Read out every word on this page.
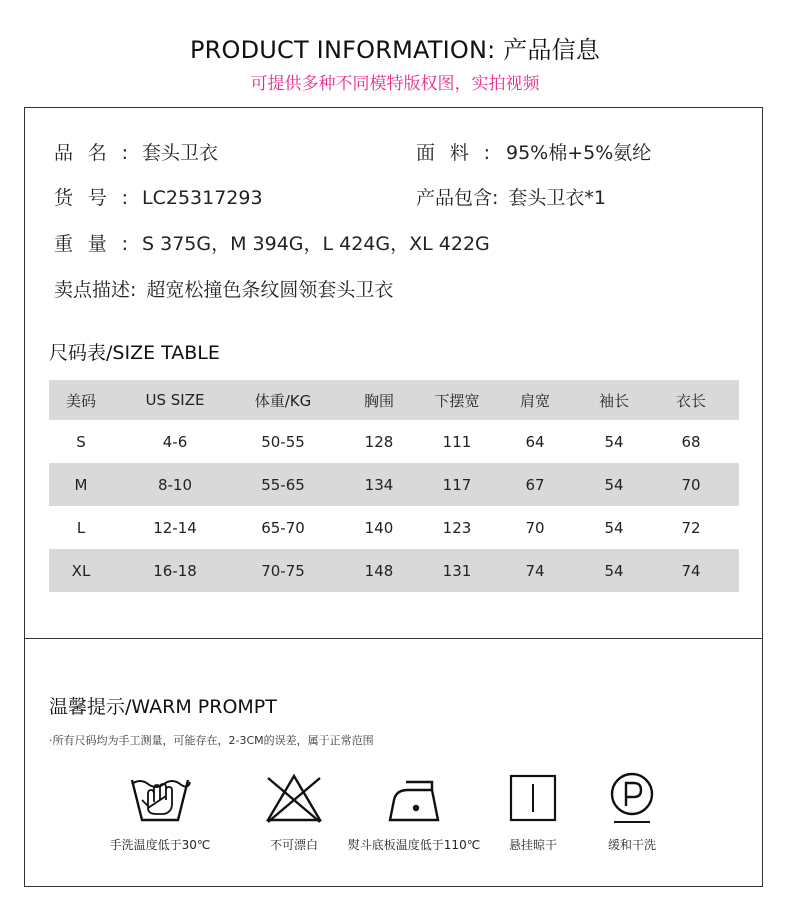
PRODUCT INFORMATION: 产品信息
可提供多种不同模特版权图，实拍视频
品名: 套头卫衣	面料: 95%棉+5%氨纶
货号: LC25317293	产品包含: 套头卫衣*1
重量: S 375G，M 394G，L 424G，XL 422G
卖点描述: 超宽松撞色条纹圆领套头卫衣
尺码表/SIZE TABLE
美码	US SIZE	体重/KG	胸围	下摆宽	肩宽	袖长	衣长
S	4-6	50-55	128	111	64	54	68
M	8-10	55-65	134	117	67	54	70
L	12-14	65-70	140	123	70	54	72
XL	16-18	70-75	148	131	74	54	74
温馨提示/WARM PROMPT
·所有尺码均为手工测量，可能存在，2-3CM的误差，属于正常范围
手洗温度低于30℃	不可漂白	熨斗底板温度低于110℃	悬挂晾干	缓和干洗
